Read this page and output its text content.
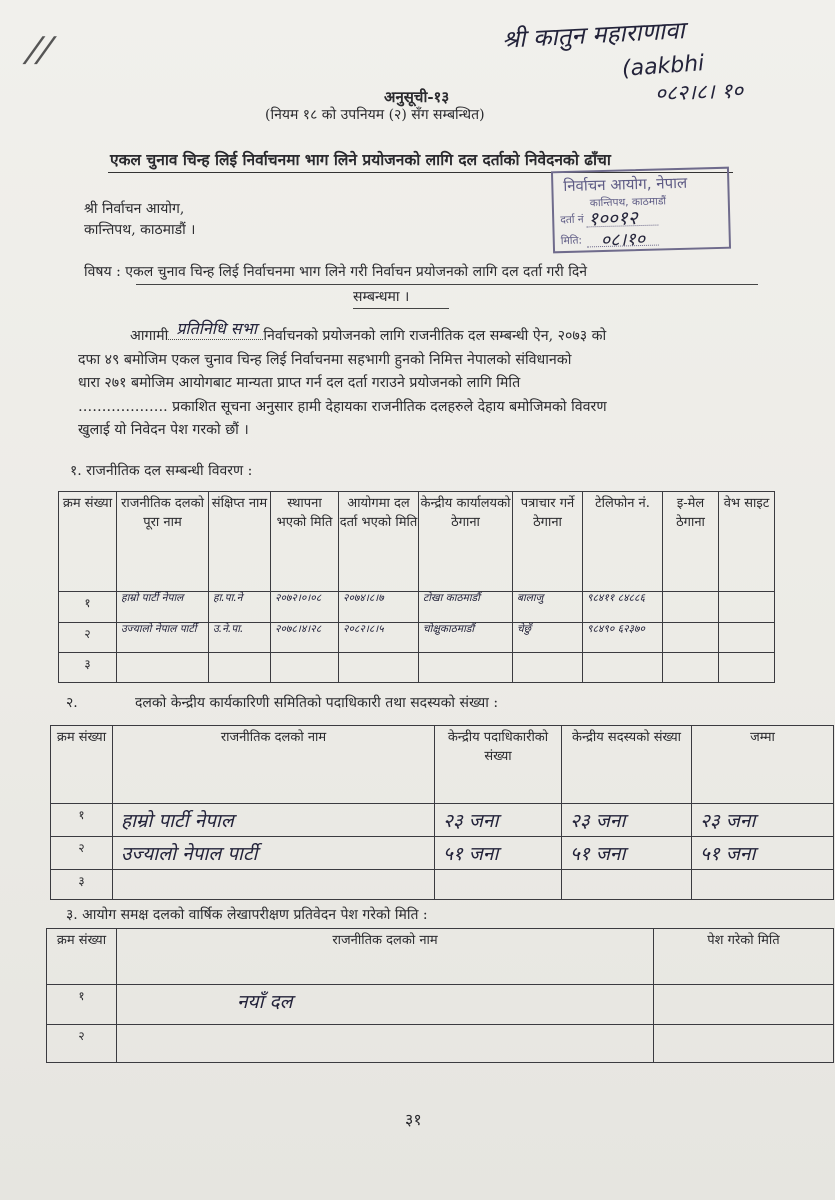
//	श्री कातुन महाराणावा
(aakbhi
०८२।८। १०
अनुसूची-१३
(नियम १८ को उपनियम (२) सँग सम्बन्धित)
एकल चुनाव चिन्ह लिई निर्वाचनमा भाग लिने प्रयोजनको लागि दल दर्ताको निवेदनको ढाँचा
निर्वाचन आयोग, नेपाल
कान्तिपथ, काठमाडौं
दर्ता नं १००१२
मिति: ०८।१०
श्री निर्वाचन आयोग,
कान्तिपथ, काठमाडौं ।
विषय : एकल चुनाव चिन्ह लिई निर्वाचनमा भाग लिने गरी निर्वाचन प्रयोजनको लागि दल दर्ता गरी दिने
सम्बन्धमा ।
आगामी प्रतिनिधि सभा निर्वाचनको प्रयोजनको लागि राजनीतिक दल सम्बन्धी ऐन, २०७३ को
दफा ४९ बमोजिम एकल चुनाव चिन्ह लिई निर्वाचनमा सहभागी हुनको निमित्त नेपालको संविधानको
धारा २७१ बमोजिम आयोगबाट मान्यता प्राप्त गर्न दल दर्ता गराउने प्रयोजनको लागि मिति
………………. प्रकाशित सूचना अनुसार हामी देहायका राजनीतिक दलहरुले देहाय बमोजिमको विवरण
खुलाई यो निवेदन पेश गरको छौं ।
१. राजनीतिक दल सम्बन्धी विवरण :
क्रम संख्या	राजनीतिक दलको पूरा नाम	संक्षिप्त नाम	स्थापना भएको मिति	आयोगमा दल दर्ता भएको मिति	केन्द्रीय कार्यालयको ठेगाना	पत्राचार गर्ने ठेगाना	टेलिफोन नं.	इ-मेल ठेगाना	वेभ साइट
१	हाम्रो पार्टी नेपाल	हा.पा.ने	२०७२।०।०८	२०७४।८।७	टोखा काठमाडौं	बालाजु	९८४११ ८४८८६		
२	उज्यालो नेपाल पार्टी	उ.ने.पा.	२०७८।४।२८	२०८२।८।५	चोक्षुकाठमाडौं	चेछुँ	९८४९० ६२३७०		
३									
२.	दलको केन्द्रीय कार्यकारिणी समितिको पदाधिकारी तथा सदस्यको संख्या :
क्रम संख्या	राजनीतिक दलको नाम	केन्द्रीय पदाधिकारीको संख्या	केन्द्रीय सदस्यको संख्या	जम्मा
१	हाम्रो पार्टी नेपाल	२३ जना	२३ जना	२३ जना
२	उज्यालो नेपाल पार्टी	५१ जना	५१ जना	५१ जना
३				
३. आयोग समक्ष दलको वार्षिक लेखापरीक्षण प्रतिवेदन पेश गरेको मिति :
क्रम संख्या	राजनीतिक दलको नाम	पेश गरेको मिति
१	नयाँ दल	
२		
३१
